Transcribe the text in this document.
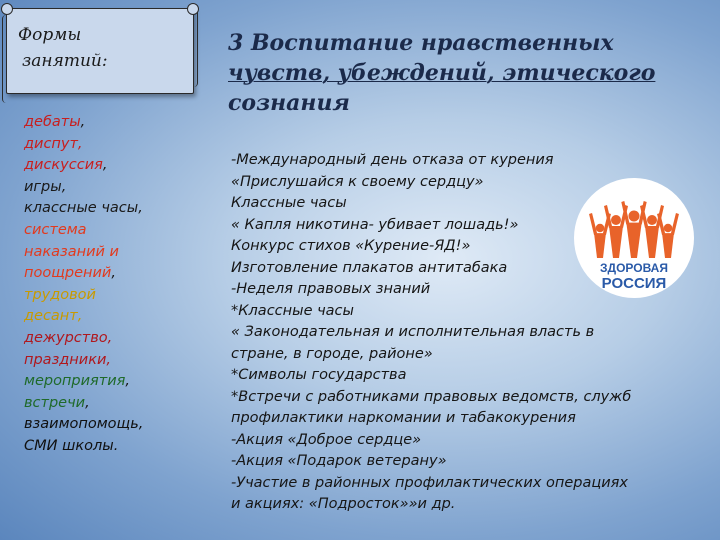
Формы
занятий:
дебаты,
диспут,
дискуссия,
игры,
классные часы,
система
наказаний и
поощрений,
трудовой
десант,
дежурство,
праздники,
мероприятия,
встречи,
взаимопомощь,
СМИ школы.
3 Воспитание нравственных
чувств, убеждений, этического
сознания
-Международный день отказа от курения
«Прислушайся к своему сердцу»
Классные часы
« Капля никотина- убивает лошадь!»
Конкурс стихов «Курение-ЯД!»
Изготовление плакатов антитабака
-Неделя правовых знаний
*Классные часы
« Законодательная и исполнительная власть в
стране, в городе, районе»
*Символы государства
*Встречи с работниками правовых ведомств, служб
профилактики наркомании и табакокурения
-Акция «Доброе сердце»
-Акция «Подарок ветерану»
-Участие в районных профилактических операциях
и акциях: «Подросток»»и др.
ЗДОРОВАЯ
РОССИЯ
